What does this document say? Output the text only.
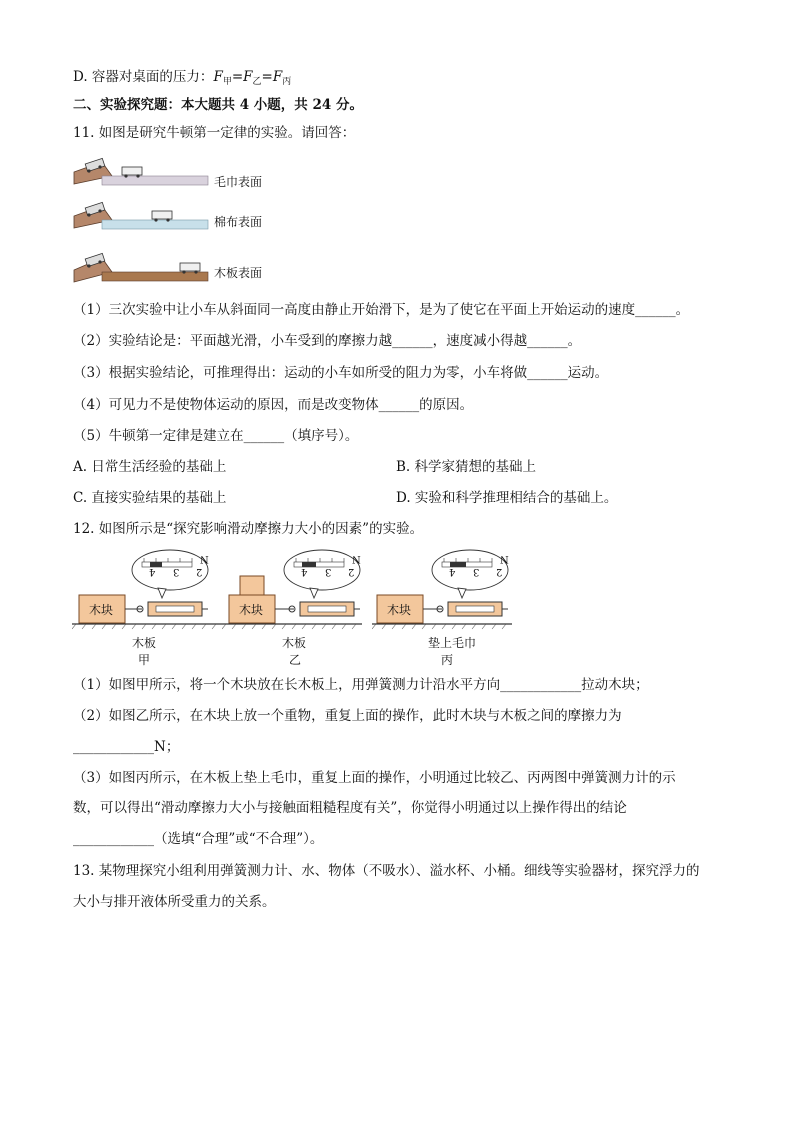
D. 容器对桌面的压力：$F_甲=F_乙=F_丙$
二、实验探究题：本大题共 4 小题，共 24 分。
11. 如图是研究牛顿第一定律的实验。请回答：
毛巾表面
棉布表面
木板表面
（1）三次实验中让小车从斜面同一高度由静止开始滑下，是为了使它在平面上开始运动的速度______。
（2）实验结论是：平面越光滑，小车受到的摩擦力越______，速度减小得越______。
（3）根据实验结论，可推理得出：运动的小车如所受的阻力为零，小车将做______运动。
（4）可见力不是使物体运动的原因，而是改变物体______的原因。
（5）牛顿第一定律是建立在______（填序号）。
A. 日常生活经验的基础上	B. 科学家猜想的基础上
C. 直接实验结果的基础上	D. 实验和科学推理相结合的基础上。
12. 如图所示是“探究影响滑动摩擦力大小的因素”的实验。
木块
4 3 2
N
木板
甲
木块
4 3 2
N
木板
乙
木块
4 3 2
N
垫上毛巾
丙
（1）如图甲所示，将一个木块放在长木板上，用弹簧测力计沿水平方向____________拉动木块；
（2）如图乙所示，在木块上放一个重物，重复上面的操作，此时木块与木板之间的摩擦力为
____________N；
（3）如图丙所示，在木板上垫上毛巾，重复上面的操作，小明通过比较乙、丙两图中弹簧测力计的示
数，可以得出“滑动摩擦力大小与接触面粗糙程度有关”，你觉得小明通过以上操作得出的结论
____________（选填“合理”或“不合理”）。
13. 某物理探究小组利用弹簧测力计、水、物体（不吸水）、溢水杯、小桶。细线等实验器材，探究浮力的
大小与排开液体所受重力的关系。
